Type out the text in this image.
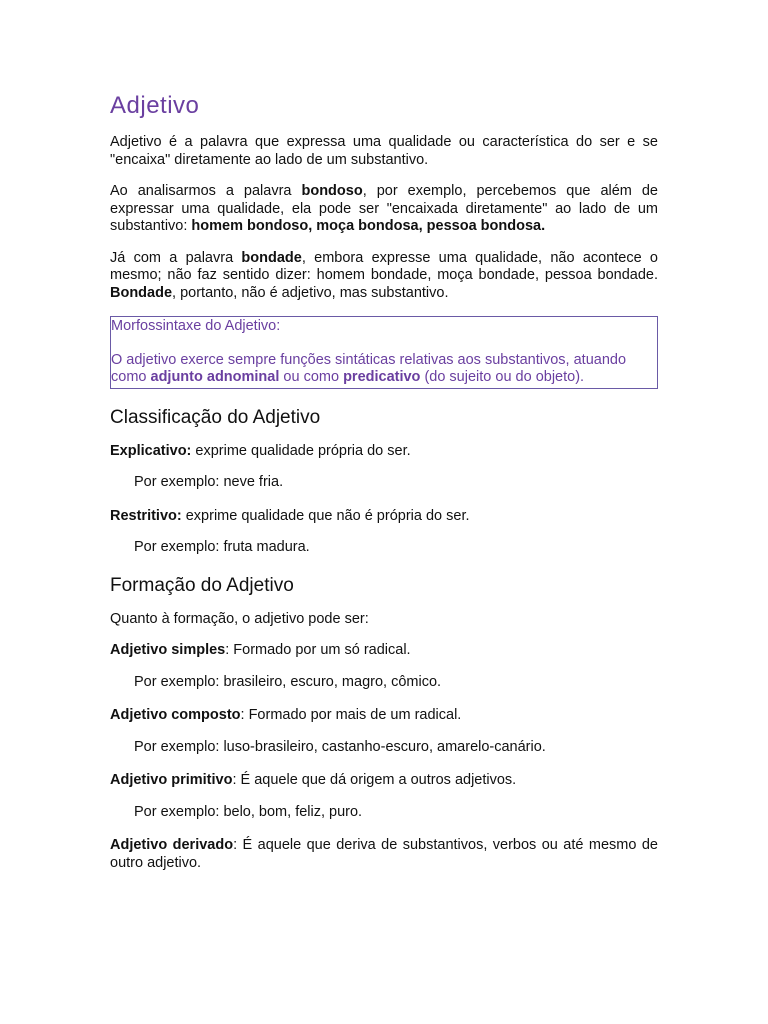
Adjetivo

Adjetivo é a palavra que expressa uma qualidade ou característica do ser e se "encaixa" diretamente ao lado de um substantivo.

Ao analisarmos a palavra bondoso, por exemplo, percebemos que além de expressar uma qualidade, ela pode ser "encaixada diretamente" ao lado de um substantivo: homem bondoso, moça bondosa, pessoa bondosa.

Já com a palavra bondade, embora expresse uma qualidade, não acontece o mesmo; não faz sentido dizer: homem bondade, moça bondade, pessoa bondade. Bondade, portanto, não é adjetivo, mas substantivo.

Morfossintaxe do Adjetivo:

O adjetivo exerce sempre funções sintáticas relativas aos substantivos, atuando como adjunto adnominal ou como predicativo (do sujeito ou do objeto).

Classificação do Adjetivo

Explicativo: exprime qualidade própria do ser.

Por exemplo: neve fria.

Restritivo: exprime qualidade que não é própria do ser.

Por exemplo: fruta madura.

Formação do Adjetivo

Quanto à formação, o adjetivo pode ser:

Adjetivo simples: Formado por um só radical.

Por exemplo: brasileiro, escuro, magro, cômico.

Adjetivo composto: Formado por mais de um radical.

Por exemplo: luso-brasileiro, castanho-escuro, amarelo-canário.

Adjetivo primitivo: É aquele que dá origem a outros adjetivos.

Por exemplo: belo, bom, feliz, puro.

Adjetivo derivado: É aquele que deriva de substantivos, verbos ou até mesmo de outro adjetivo.
